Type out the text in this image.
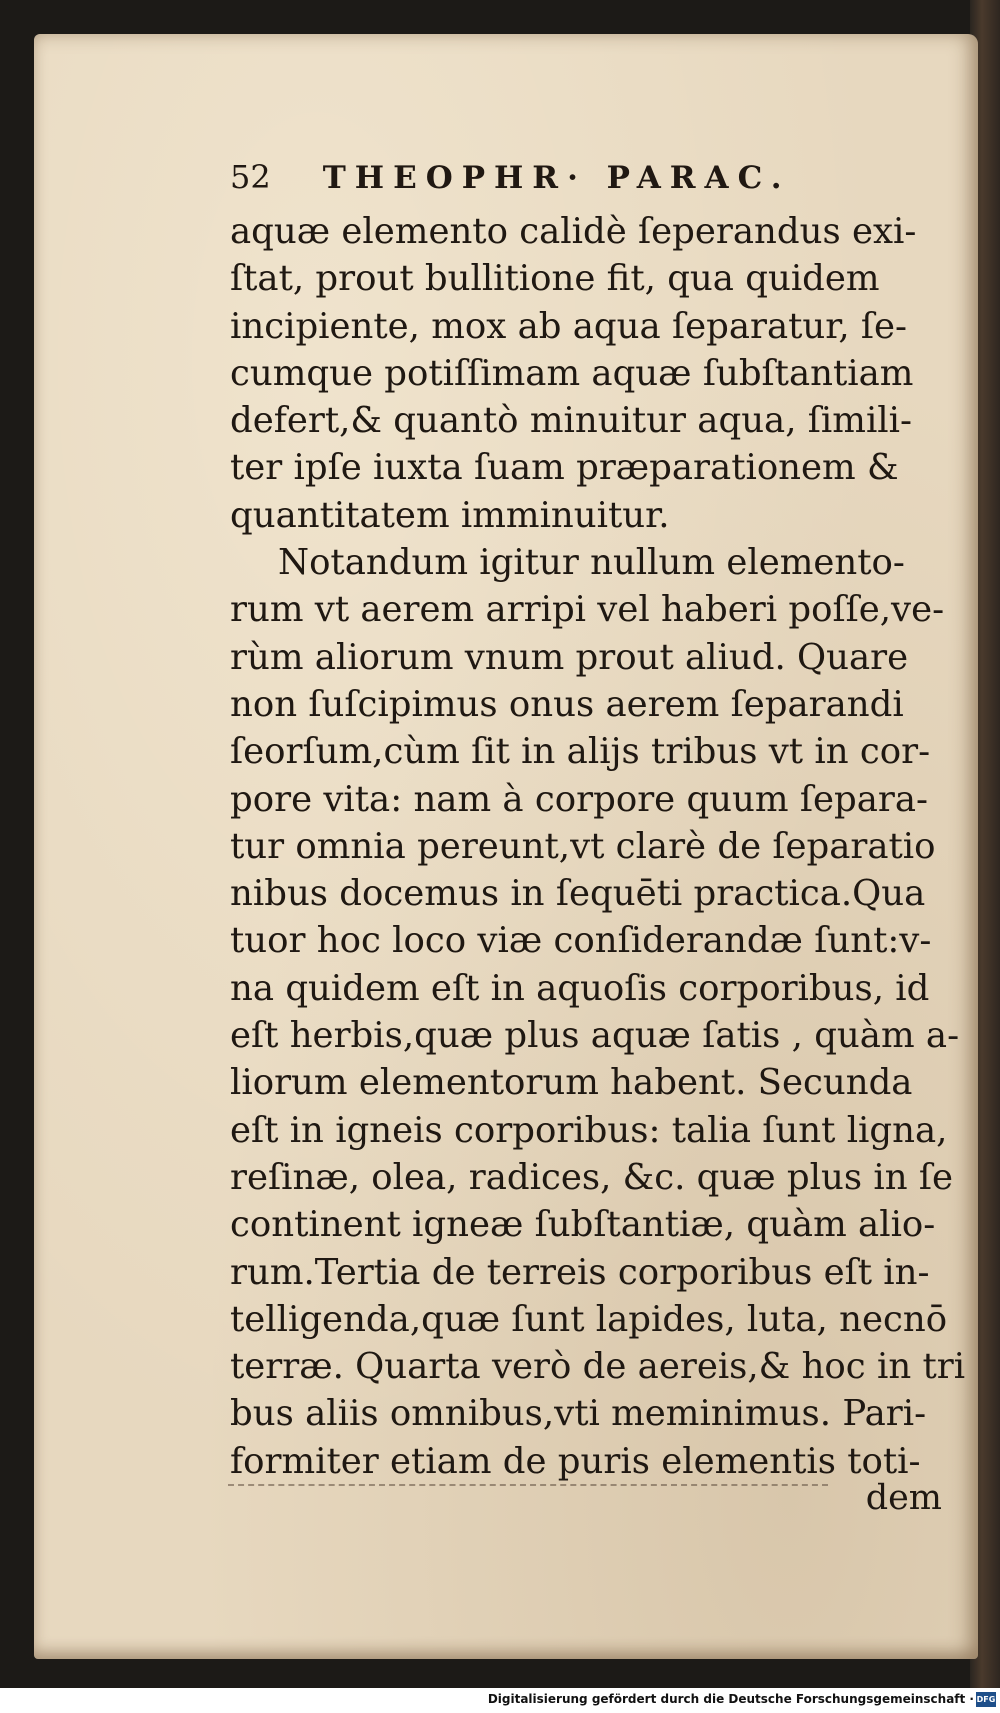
52 THEOPHR· PARAC.
aquæ elemento calidè ſeperandus exi-
ſtat, prout bullitione fit, qua quidem
incipiente, mox ab aqua ſeparatur, ſe-
cumque potiſſimam aquæ ſubſtantiam
defert,& quantò minuitur aqua, ſimili-
ter ipſe iuxta ſuam præparationem &
quantitatem imminuitur.
Notandum igitur nullum elemento-
rum vt aerem arripi vel haberi poſſe,ve-
rùm aliorum vnum prout aliud. Quare
non ſuſcipimus onus aerem ſeparandi
ſeorſum,cùm ſit in alijs tribus vt in cor-
pore vita: nam à corpore quum ſepara-
tur omnia pereunt,vt clarè de ſeparatio
nibus docemus in ſequēti practica.Qua
tuor hoc loco viæ conſiderandæ ſunt:v-
na quidem eſt in aquoſis corporibus, id
eſt herbis,quæ plus aquæ ſatis , quàm a-
liorum elementorum habent. Secunda
eſt in igneis corporibus: talia ſunt ligna,
reſinæ, olea, radices, &c. quæ plus in ſe
continent igneæ ſubſtantiæ, quàm alio-
rum.Tertia de terreis corporibus eſt in-
telligenda,quæ ſunt lapides, luta, necnō
terræ. Quarta verò de aereis,& hoc in tri
bus aliis omnibus,vti meminimus. Pari-
formiter etiam de puris elementis toti-
dem
Digitalisierung gefördert durch die Deutsche Forschungsgemeinschaft · DFG
